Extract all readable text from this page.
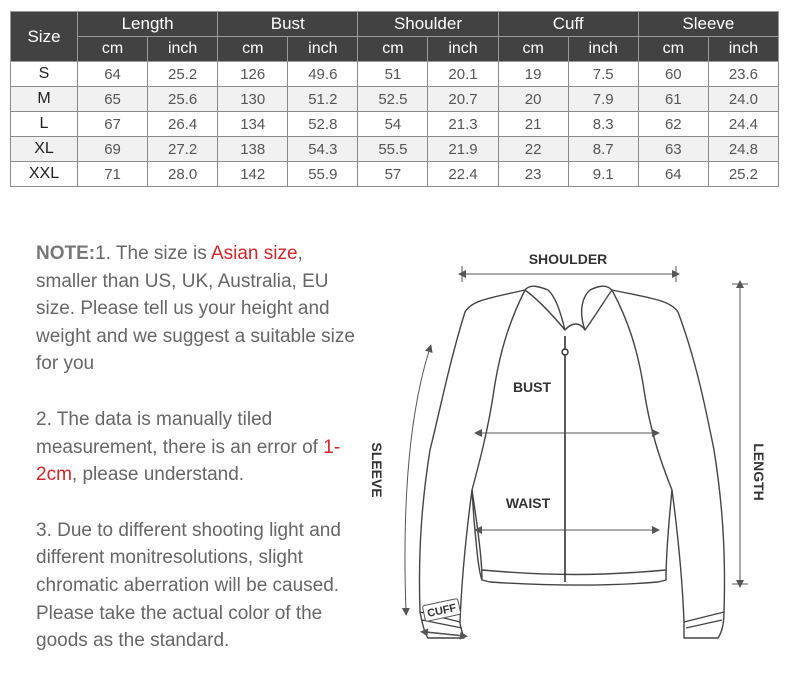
Size	Length		Bust		Shoulder		Cuff		Sleeve	
	cm	inch	cm	inch	cm	inch	cm	inch	cm	inch
S	64	25.2	126	49.6	51	20.1	19	7.5	60	23.6
M	65	25.6	130	51.2	52.5	20.7	20	7.9	61	24.0
L	67	26.4	134	52.8	54	21.3	21	8.3	62	24.4
XL	69	27.2	138	54.3	55.5	21.9	22	8.7	63	24.8
XXL	71	28.0	142	55.9	57	22.4	23	9.1	64	25.2

NOTE:1. The size is Asian size, smaller than US, UK, Australia, EU size. Please tell us your height and weight and we suggest a suitable size for you

2. The data is manually tiled measurement, there is an error of 1-2cm, please understand.

3. Due to different shooting light and different monitresolutions, slight chromatic aberration will be caused. Please take the actual color of the goods as the standard.

SHOULDER
BUST
WAIST
LENGTH
SLEEVE
CUFF
